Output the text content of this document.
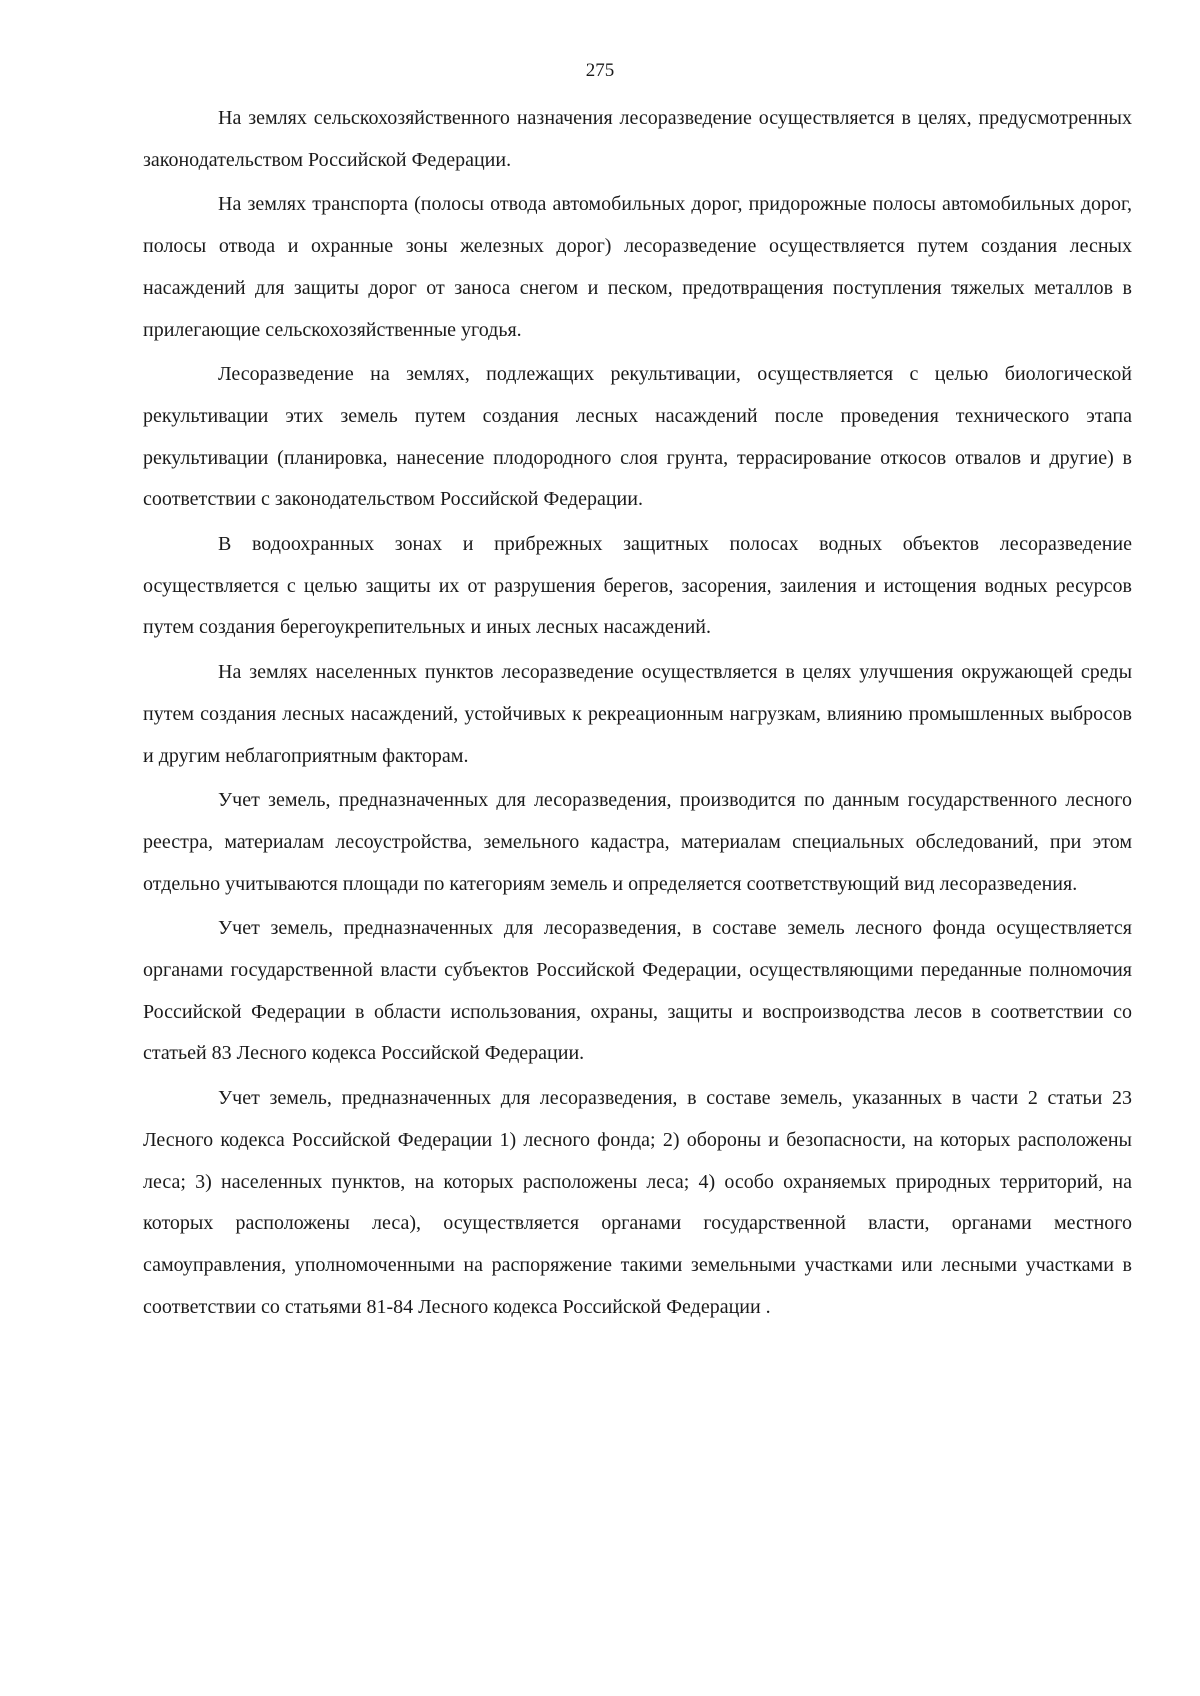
275

На землях сельскохозяйственного назначения лесоразведение осуществляется в целях, предусмотренных законодательством Российской Федерации.

На землях транспорта (полосы отвода автомобильных дорог, придорожные полосы автомобильных дорог, полосы отвода и охранные зоны железных дорог) лесоразведение осуществляется путем создания лесных насаждений для защиты дорог от заноса снегом и песком, предотвращения поступления тяжелых металлов в прилегающие сельскохозяйственные угодья.

Лесоразведение на землях, подлежащих рекультивации, осуществляется с целью биологической рекультивации этих земель путем создания лесных насаждений после проведения технического этапа рекультивации (планировка, нанесение плодородного слоя грунта, террасирование откосов отвалов и другие) в соответствии с законодательством Российской Федерации.

В водоохранных зонах и прибрежных защитных полосах водных объектов лесоразведение осуществляется с целью защиты их от разрушения берегов, засорения, заиления и истощения водных ресурсов путем создания берегоукрепительных и иных лесных насаждений.

На землях населенных пунктов лесоразведение осуществляется в целях улучшения окружающей среды путем создания лесных насаждений, устойчивых к рекреационным нагрузкам, влиянию промышленных выбросов и другим неблагоприятным факторам.

Учет земель, предназначенных для лесоразведения, производится по данным государственного лесного реестра, материалам лесоустройства, земельного кадастра, материалам специальных обследований, при этом отдельно учитываются площади по категориям земель и определяется соответствующий вид лесоразведения.

Учет земель, предназначенных для лесоразведения, в составе земель лесного фонда осуществляется органами государственной власти субъектов Российской Федерации, осуществляющими переданные полномочия Российской Федерации в области использования, охраны, защиты и воспроизводства лесов в соответствии со статьей 83 Лесного кодекса Российской Федерации.

Учет земель, предназначенных для лесоразведения, в составе земель, указанных в части 2 статьи 23 Лесного кодекса Российской Федерации 1) лесного фонда; 2) обороны и безопасности, на которых расположены леса; 3) населенных пунктов, на которых расположены леса; 4) особо охраняемых природных территорий, на которых расположены леса), осуществляется органами государственной власти, органами местного самоуправления, уполномоченными на распоряжение такими земельными участками или лесными участками в соответствии со статьями 81-84 Лесного кодекса Российской Федерации .
